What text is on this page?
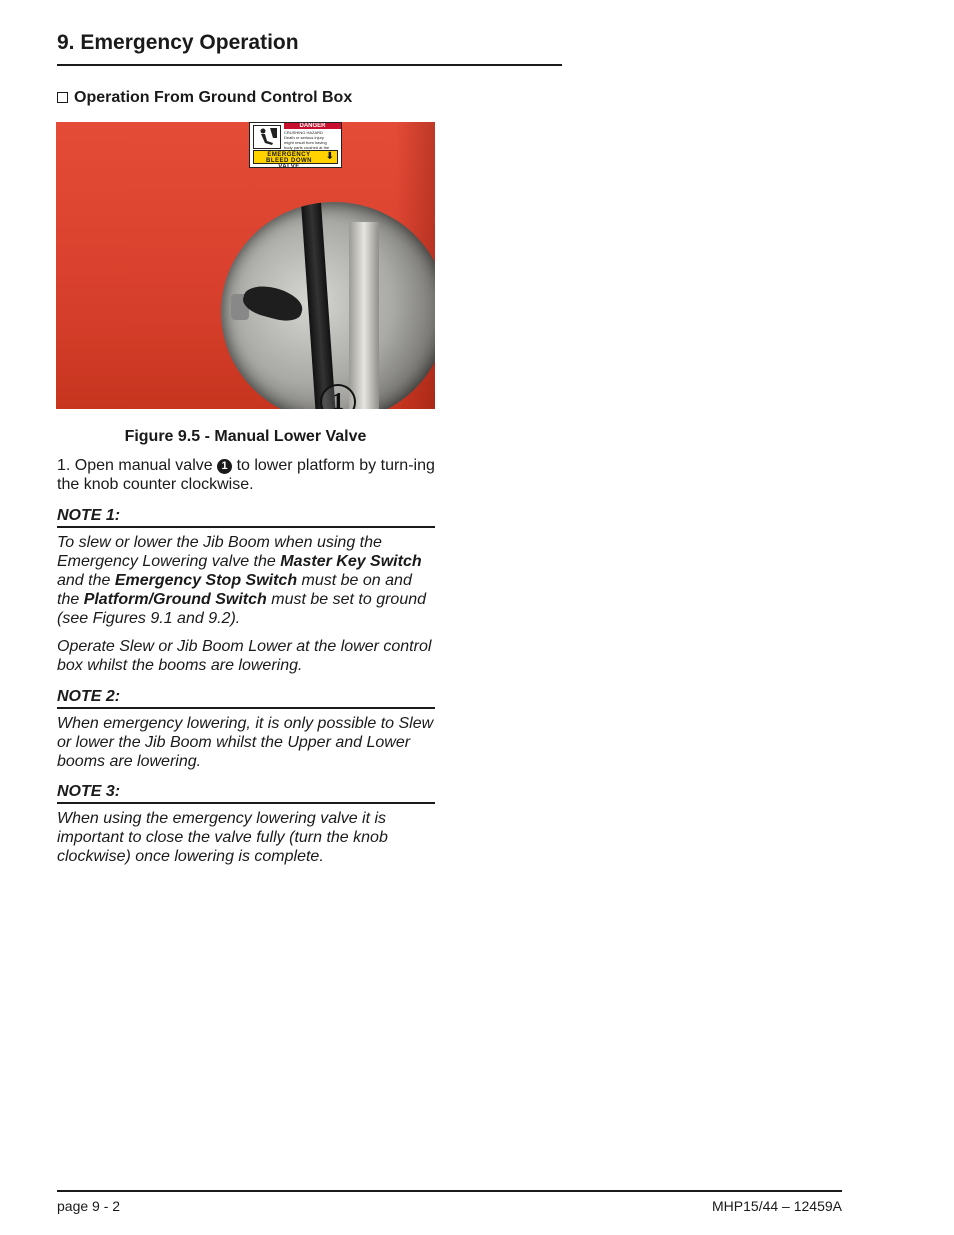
9. Emergency Operation
Operation From Ground Control Box
1
DANGER
CRUSHING HAZARD
Death or serious injury
might result from having
body parts crushed at the
EMERGENCY BLEED DOWN VALVE
⬇
Figure 9.5 - Manual Lower Valve
1. Open manual valve 1 to lower platform by turn-ing the knob counter clockwise.
NOTE 1:

To slew or lower the Jib Boom when using the Emergency Lowering valve the Master Key Switch and the Emergency Stop Switch must be on and the Platform/Ground Switch must be set to ground (see Figures 9.1 and 9.2).

Operate Slew or Jib Boom Lower at the lower control box whilst the booms are lowering.

NOTE 2:

When emergency lowering, it is only possible to Slew or lower the Jib Boom whilst the Upper and Lower booms are lowering.

NOTE 3:

When using the emergency lowering valve it is important to close the valve fully (turn the knob clockwise) once lowering is complete.

page 9 - 2	MHP15/44 – 12459A
